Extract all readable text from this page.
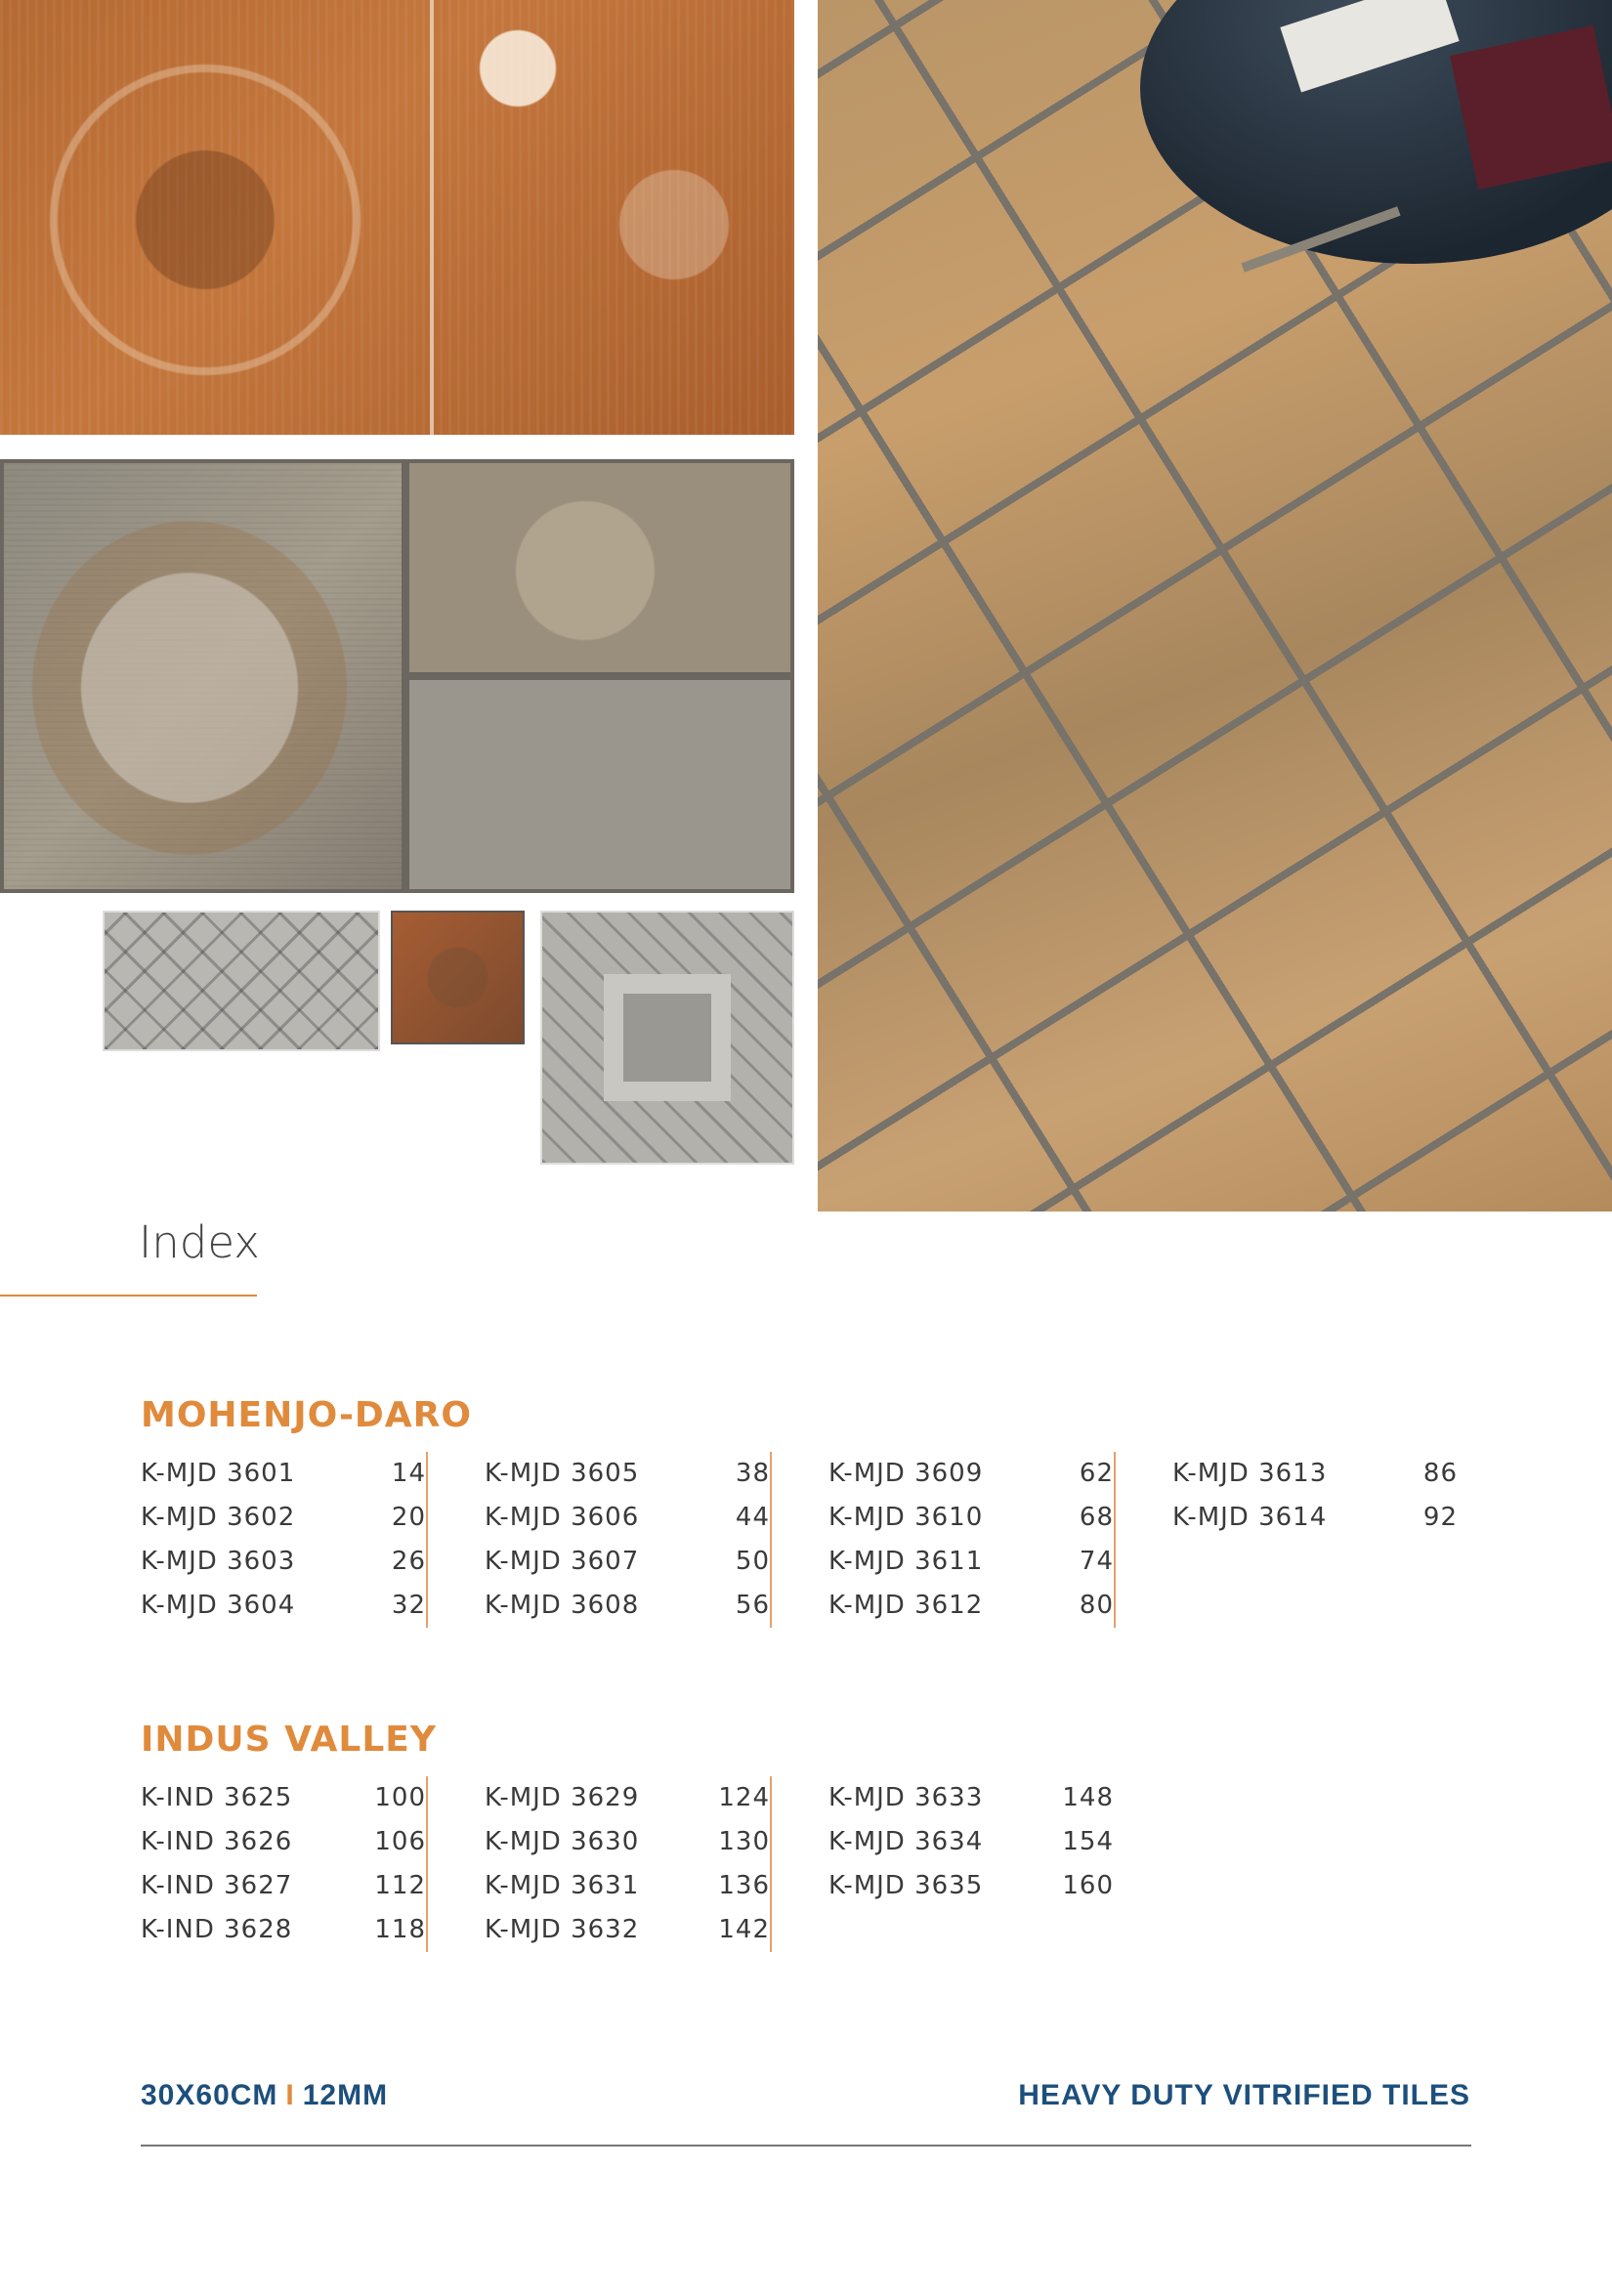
Index
MOHENJO-DARO
K-MJD 3601	14
K-MJD 3602	20
K-MJD 3603	26
K-MJD 3604	32
K-MJD 3605	38
K-MJD 3606	44
K-MJD 3607	50
K-MJD 3608	56
K-MJD 3609	62
K-MJD 3610	68
K-MJD 3611	74
K-MJD 3612	80
K-MJD 3613	86
K-MJD 3614	92
INDUS VALLEY
K-IND 3625	100
K-IND 3626	106
K-IND 3627	112
K-IND 3628	118
K-MJD 3629	124
K-MJD 3630	130
K-MJD 3631	136
K-MJD 3632	142
K-MJD 3633	148
K-MJD 3634	154
K-MJD 3635	160
30X60CM I 12MM	HEAVY DUTY VITRIFIED TILES
